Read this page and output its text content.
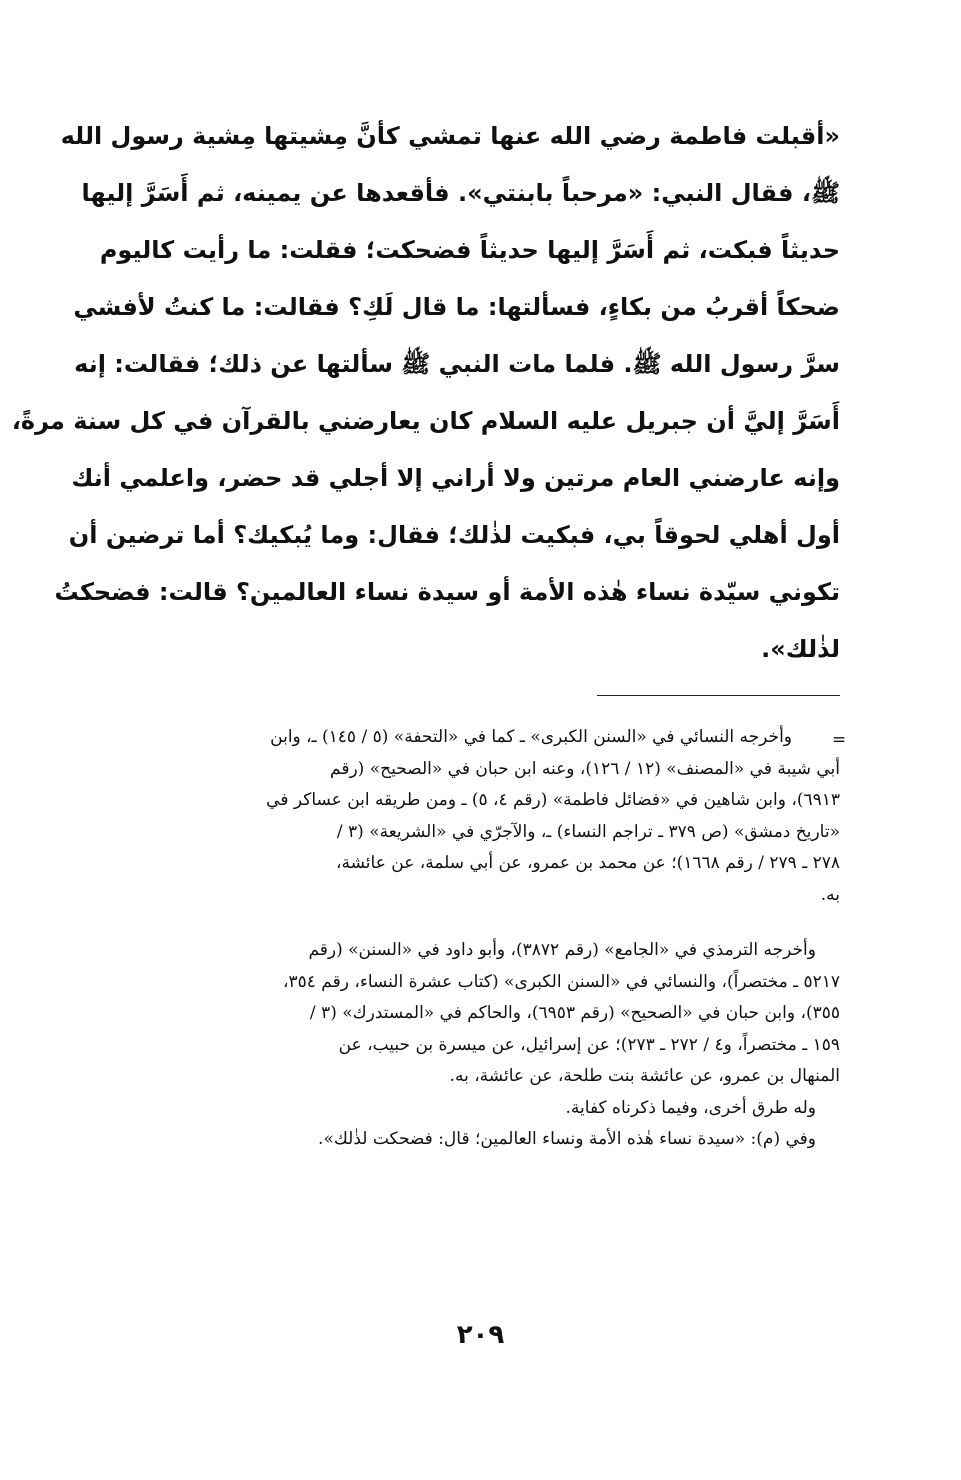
«أقبلت فاطمة رضي الله عنها تمشي كأنَّ مِشيتها مِشية رسول الله
ﷺ، فقال النبي: «مرحباً بابنتي». فأقعدها عن يمينه، ثم أَسَرَّ إليها
حديثاً فبكت، ثم أَسَرَّ إليها حديثاً فضحكت؛ فقلت: ما رأيت كاليوم
ضحكاً أقربُ من بكاءٍ، فسألتها: ما قال لَكِ؟ فقالت: ما كنتُ لأفشي
سرَّ رسول الله ﷺ. فلما مات النبي ﷺ سألتها عن ذلك؛ فقالت: إنه
أَسَرَّ إليَّ أن جبريل عليه السلام كان يعارضني بالقرآن في كل سنة مرةً،
وإنه عارضني العام مرتين ولا أراني إلا أجلي قد حضر، واعلمي أنك
أول أهلي لحوقاً بي، فبكيت لذٰلك؛ فقال: وما يُبكيك؟ أما ترضين أن
تكوني سيّدة نساء هٰذه الأمة أو سيدة نساء العالمين؟ قالت: فضحكتُ
لذٰلك».
=
وأخرجه النسائي في «السنن الكبرى» ـ كما في «التحفة» (٥ / ١٤٥) ـ، وابن
أبي شيبة في «المصنف» (١٢ / ١٢٦)، وعنه ابن حبان في «الصحيح» (رقم
٦٩١٣)، وابن شاهين في «فضائل فاطمة» (رقم ٤، ٥) ـ ومن طريقه ابن عساكر في
«تاريخ دمشق» (ص ٣٧٩ ـ تراجم النساء) ـ، والآجرّي في «الشريعة» (٣ /
٢٧٨ ـ ٢٧٩ / رقم ١٦٦٨)؛ عن محمد بن عمرو، عن أبي سلمة، عن عائشة،
به.
وأخرجه الترمذي في «الجامع» (رقم ٣٨٧٢)، وأبو داود في «السنن» (رقم
٥٢١٧ ـ مختصراً)، والنسائي في «السنن الكبرى» (كتاب عشرة النساء، رقم ٣٥٤،
٣٥٥)، وابن حبان في «الصحيح» (رقم ٦٩٥٣)، والحاكم في «المستدرك» (٣ /
١٥٩ ـ مختصراً، و٤ / ٢٧٢ ـ ٢٧٣)؛ عن إسرائيل، عن ميسرة بن حبيب، عن
المنهال بن عمرو، عن عائشة بنت طلحة، عن عائشة، به.
وله طرق أخرى، وفيما ذكرناه كفاية.
وفي (م): «سيدة نساء هٰذه الأمة ونساء العالمين؛ قال: فضحكت لذٰلك».
٢٠٩
